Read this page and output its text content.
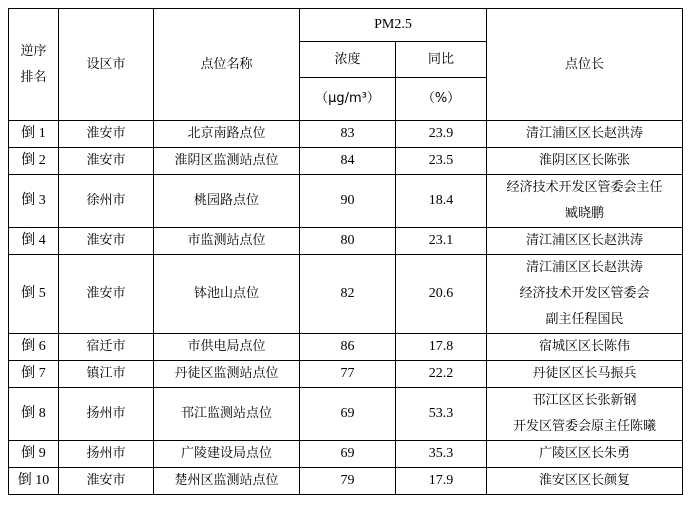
逆序
排名	设区市	点位名称	PM2.5		点位长
			浓度	同比	
			（μg/m³）	（%）	
倒 1	淮安市	北京南路点位	83	23.9	清江浦区区长赵洪涛

倒 2	淮安市	淮阴区监测站点位	84	23.5	淮阴区区长陈张

倒 3	徐州市	桃园路点位	90	18.4	经济技术开发区管委会主任
臧晓鹏

倒 4	淮安市	市监测站点位	80	23.1	清江浦区区长赵洪涛

倒 5	淮安市	钵池山点位	82	20.6	清江浦区区长赵洪涛
经济技术开发区管委会
副主任程国民

倒 6	宿迁市	市供电局点位	86	17.8	宿城区区长陈伟

倒 7	镇江市	丹徒区监测站点位	77	22.2	丹徒区区长马振兵

倒 8	扬州市	邗江监测站点位	69	53.3	邗江区区长张新钢
开发区管委会原主任陈曦

倒 9	扬州市	广陵建设局点位	69	35.3	广陵区区长朱勇

倒 10	淮安市	楚州区监测站点位	79	17.9	淮安区区长颜复
